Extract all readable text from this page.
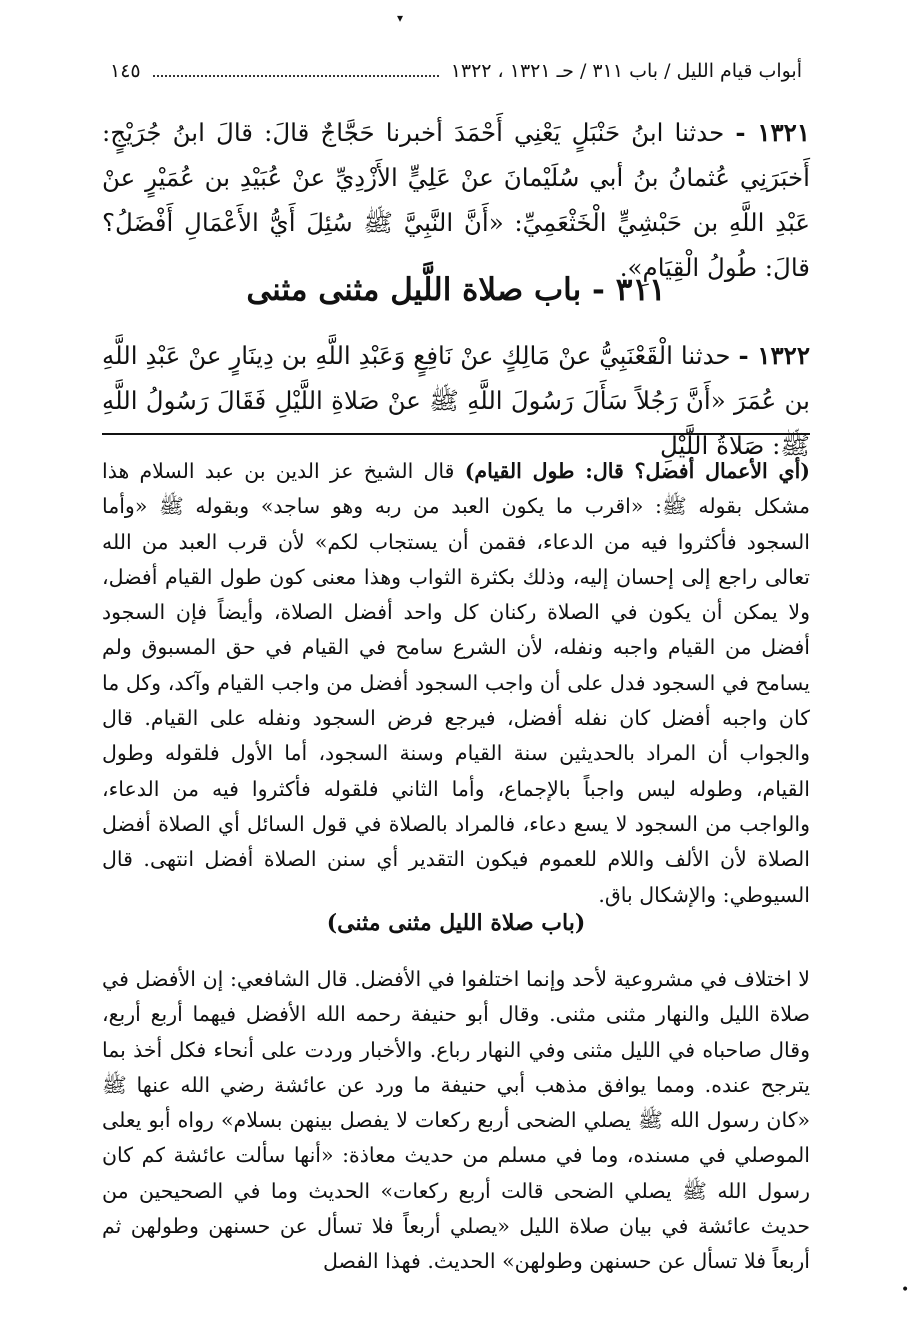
▾
أبواب قيام الليل / باب ٣١١ / حـ ١٣٢١ ، ١٣٢٢
١٤٥
١٣٢١ - حدثنا ابنُ حَنْبَلٍ يَعْنِي أَحْمَدَ أخبرنا حَجَّاجٌ قالَ: قالَ ابنُ جُرَيْجٍ: أَخبَرَنِي عُثمانُ بنُ أبي سُلَيْمانَ عنْ عَلِيٍّ الأَزْدِيِّ عنْ عُبَيْدِ بن عُمَيْرٍ عنْ عَبْدِ اللَّهِ بن حَبْشِيٍّ الْخَثْعَمِيِّ: «أَنَّ النَّبِيَّ ﷺ سُئِلَ أَيُّ الأَعْمَالِ أَفْضَلُ؟ قالَ: طُولُ الْقِيَامِ».
٣١١ - باب صلاة اللَّيل مثنى مثنى
١٣٢٢ - حدثنا الْقَعْنَبِيُّ عنْ مَالِكٍ عنْ نَافِعٍ وَعَبْدِ اللَّهِ بن دِينَارٍ عنْ عَبْدِ اللَّهِ بن عُمَرَ «أَنَّ رَجُلاً سَأَلَ رَسُولَ اللَّهِ ﷺ عنْ صَلاةِ اللَّيْلِ فَقَالَ رَسُولُ اللَّهِ ﷺ: صَلاةُ اللَّيْلِ
(أي الأعمال أفضل؟ قال: طول القيام) قال الشيخ عز الدين بن عبد السلام هذا مشكل بقوله ﷺ: «اقرب ما يكون العبد من ربه وهو ساجد» وبقوله ﷺ «وأما السجود فأكثروا فيه من الدعاء، فقمن أن يستجاب لكم» لأن قرب العبد من الله تعالى راجع إلى إحسان إليه، وذلك بكثرة الثواب وهذا معنى كون طول القيام أفضل، ولا يمكن أن يكون في الصلاة ركنان كل واحد أفضل الصلاة، وأيضاً فإن السجود أفضل من القيام واجبه ونفله، لأن الشرع سامح في القيام في حق المسبوق ولم يسامح في السجود فدل على أن واجب السجود أفضل من واجب القيام وآكد، وكل ما كان واجبه أفضل كان نفله أفضل، فيرجع فرض السجود ونفله على القيام. قال والجواب أن المراد بالحديثين سنة القيام وسنة السجود، أما الأول فلقوله وطول القيام، وطوله ليس واجباً بالإجماع، وأما الثاني فلقوله فأكثروا فيه من الدعاء، والواجب من السجود لا يسع دعاء، فالمراد بالصلاة في قول السائل أي الصلاة أفضل الصلاة لأن الألف واللام للعموم فيكون التقدير أي سنن الصلاة أفضل انتهى. قال السيوطي: والإشكال باق.
(باب صلاة الليل مثنى مثنى)
لا اختلاف في مشروعية لأحد وإنما اختلفوا في الأفضل. قال الشافعي: إن الأفضل في صلاة الليل والنهار مثنى مثنى. وقال أبو حنيفة رحمه الله الأفضل فيهما أربع أربع، وقال صاحباه في الليل مثنى وفي النهار رباع. والأخبار وردت على أنحاء فكل أخذ بما يترجح عنده. ومما يوافق مذهب أبي حنيفة ما ورد عن عائشة رضي الله عنها ﷺ «كان رسول الله ﷺ يصلي الضحى أربع ركعات لا يفصل بينهن بسلام» رواه أبو يعلى الموصلي في مسنده، وما في مسلم من حديث معاذة: «أنها سألت عائشة كم كان رسول الله ﷺ يصلي الضحى قالت أربع ركعات» الحديث وما في الصحيحين من حديث عائشة في بيان صلاة الليل «يصلي أربعاً فلا تسأل عن حسنهن وطولهن ثم أربعاً فلا تسأل عن حسنهن وطولهن» الحديث. فهذا الفصل
•
